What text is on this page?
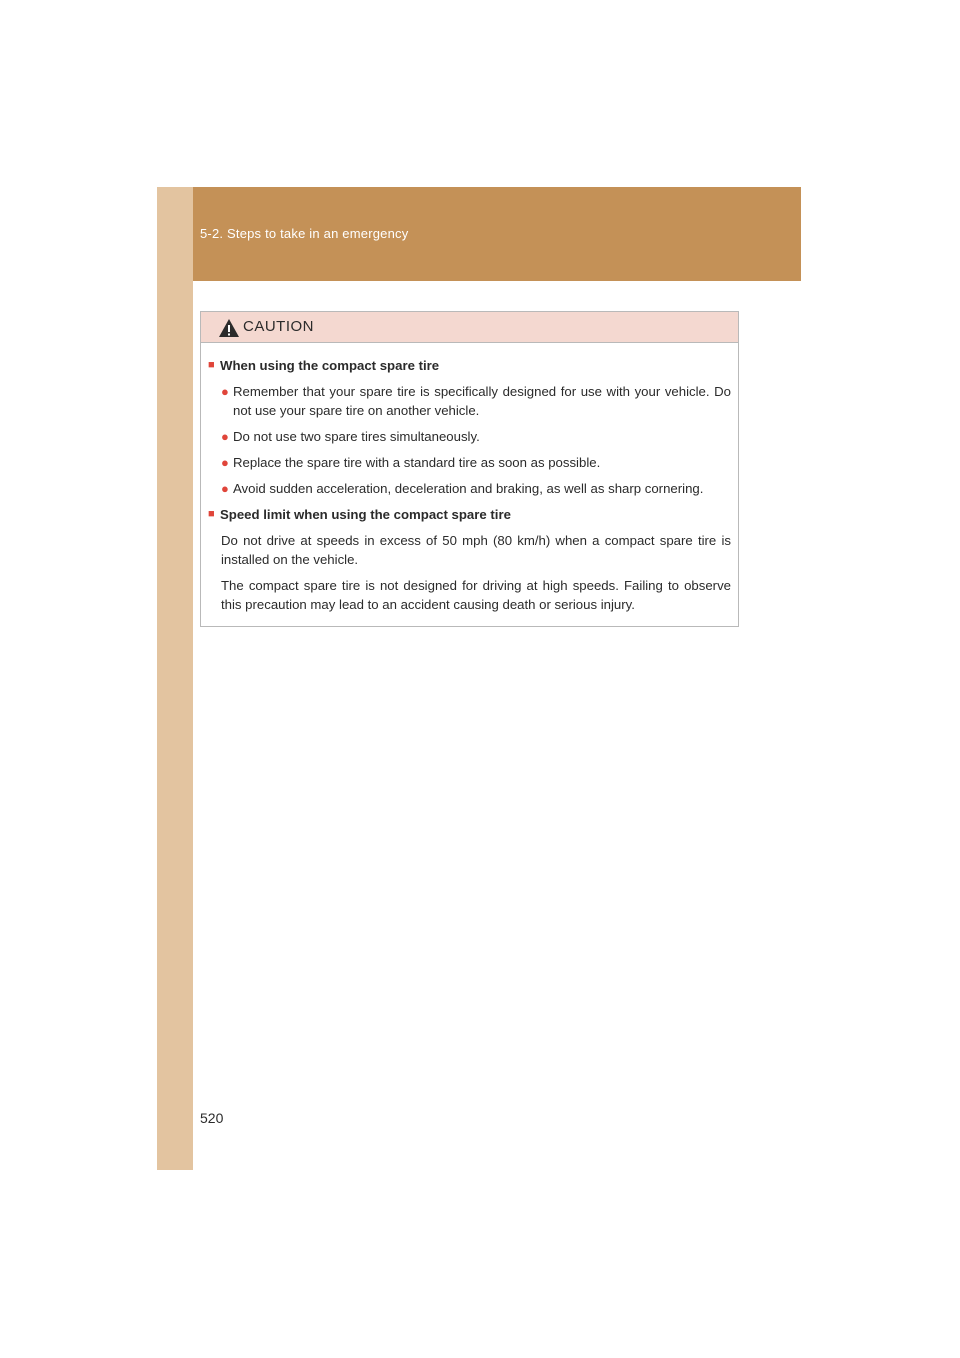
5-2. Steps to take in an emergency
CAUTION
■ When using the compact spare tire
● Remember that your spare tire is specifically designed for use with your vehicle. Do not use your spare tire on another vehicle.
● Do not use two spare tires simultaneously.
● Replace the spare tire with a standard tire as soon as possible.
● Avoid sudden acceleration, deceleration and braking, as well as sharp cornering.
■ Speed limit when using the compact spare tire
Do not drive at speeds in excess of 50 mph (80 km/h) when a compact spare tire is installed on the vehicle.
The compact spare tire is not designed for driving at high speeds. Failing to observe this precaution may lead to an accident causing death or serious injury.
520
